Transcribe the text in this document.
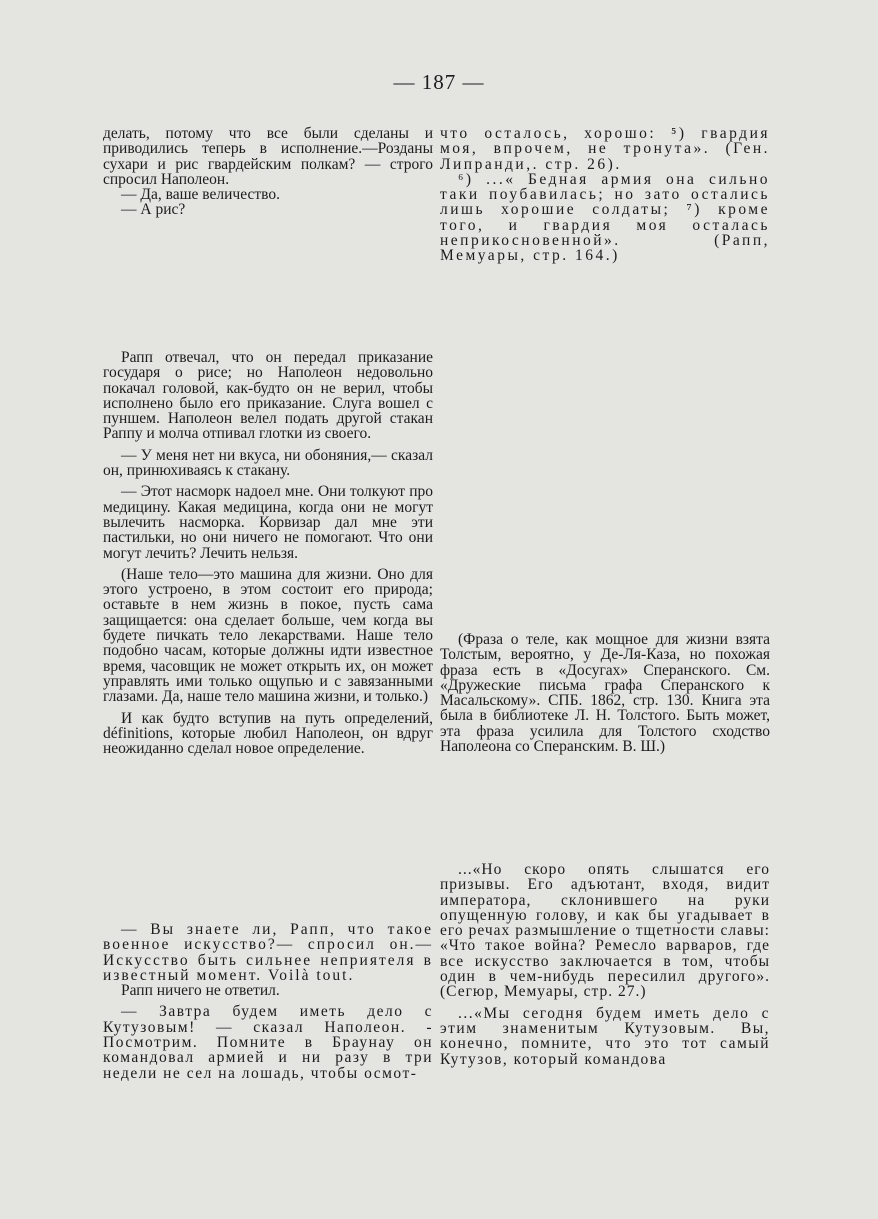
— 187 —

делать, потому что все были сделаны и приводились теперь в исполнение.—Розданы сухари и рис гвардейским полкам? — строго спросил Наполеон.

— Да, ваше величество.

— А рис?

Рапп отвечал, что он передал приказание государя о рисе; но Наполеон недовольно покачал головой, как-будто он не верил, чтобы исполнено было его приказание. Слуга вошел с пуншем. Наполеон велел подать другой стакан Раппу и молча отпивал глотки из своего.

— У меня нет ни вкуса, ни обоняния,— сказал он, принюхиваясь к стакану.

— Этот насморк надоел мне. Они толкуют про медицину. Какая медицина, когда они не могут вылечить насморка. Корвизар дал мне эти пастильки, но они ничего не помогают. Что они могут лечить? Лечить нельзя.

(Наше тело—это машина для жизни. Оно для этого устроено, в этом состоит его природа; оставьте в нем жизнь в покое, пусть сама защищается: она сделает больше, чем когда вы будете пичкать тело лекарствами. Наше тело подобно часам, которые должны идти известное время, часовщик не может открыть их, он может управлять ими только ощупью и с завязанными глазами. Да, наше тело машина жизни, и только.)

И как будто вступив на путь определений, définitions, которые любил Наполеон, он вдруг неожиданно сделал новое определение.

— Вы знаете ли, Рапп, что такое военное искусство?— спросил он.—Искусство быть сильнее неприятеля в известный момент. Voilà tout.

Рапп ничего не ответил.

— Завтра будем иметь дело с Кутузовым! — сказал Наполеон. - Посмотрим. Помните в Браунау он командовал армией и ни разу в три недели не сел на лошадь, чтобы осмот-

что осталось, хорошо: ⁵) гвардия моя, впрочем, не тронута». (Ген. Липранди,. стр. 26).

⁶) ...« Бедная армия она сильно таки поубавилась; но зато остались лишь хорошие солдаты; ⁷) кроме того, и гвардия моя осталась неприкосновенной». (Рапп, Мемуары, стр. 164.)

(Фраза о теле, как мощное для жизни взята Толстым, вероятно, у Де-Ля-Каза, но похожая фраза есть в «Досугах» Сперанского. См. «Дружеские письма графа Сперанского к Масальскому». СПБ. 1862, стр. 130. Книга эта была в библиотеке Л. Н. Толстого. Быть может, эта фраза усилила для Толстого сходство Наполеона со Сперанским. В. Ш.)

...«Но скоро опять слышатся его призывы. Его адъютант, входя, видит императора, склонившего на руки опущенную голову, и как бы угадывает в его речах размышление о тщетности славы: «Что такое война? Ремесло варваров, где все искусство заключается в том, чтобы один в чем-нибудь пересилил другого». (Сегюр, Мемуары, стр. 27.)

...«Мы сегодня будем иметь дело с этим знаменитым Кутузовым. Вы, конечно, помните, что это тот самый Кутузов, который командова
